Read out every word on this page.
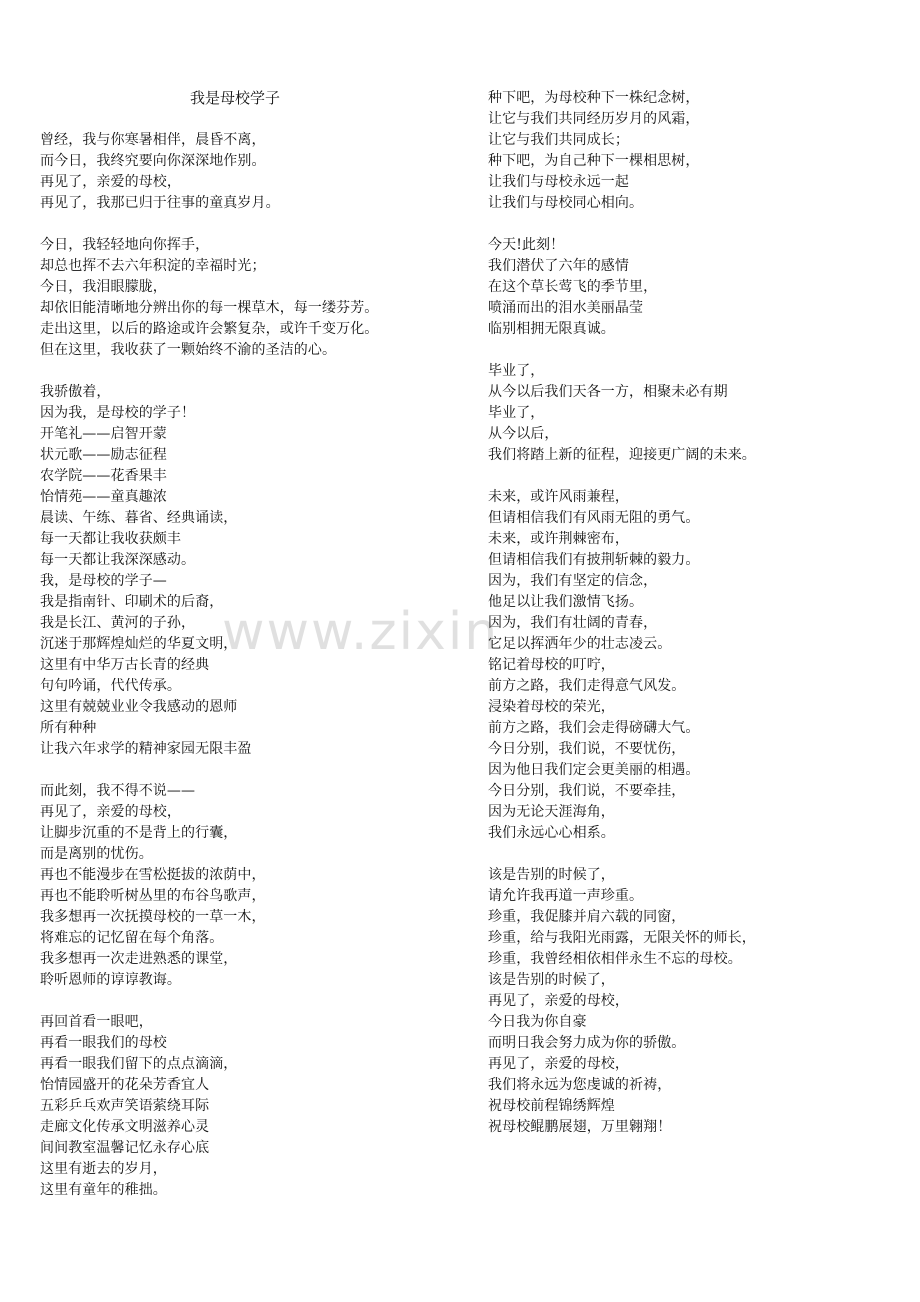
www.zixin
我是母校学子
曾经，我与你寒暑相伴，晨昏不离，
而今日，我终究要向你深深地作别。
再见了，亲爱的母校，
再见了，我那已归于往事的童真岁月。
今日，我轻轻地向你挥手，
却总也挥不去六年积淀的幸福时光；
今日，我泪眼朦胧，
却依旧能清晰地分辨出你的每一棵草木，每一缕芬芳。
走出这里，以后的路途或许会繁复杂，或许千变万化。
但在这里，我收获了一颗始终不渝的圣洁的心。
我骄傲着，
因为我，是母校的学子！
开笔礼——启智开蒙
状元歌——励志征程
农学院——花香果丰
怡情苑——童真趣浓
晨读、午练、暮省、经典诵读，
每一天都让我收获颇丰
每一天都让我深深感动。
我，是母校的学子—
我是指南针、印刷术的后裔，
我是长江、黄河的子孙，
沉迷于那辉煌灿烂的华夏文明，
这里有中华万古长青的经典
句句吟诵，代代传承。
这里有兢兢业业令我感动的恩师
所有种种
让我六年求学的精神家园无限丰盈
而此刻，我不得不说——
再见了，亲爱的母校，
让脚步沉重的不是背上的行囊，
而是离别的忧伤。
再也不能漫步在雪松挺拔的浓荫中，
再也不能聆听树丛里的布谷鸟歌声，
我多想再一次抚摸母校的一草一木，
将难忘的记忆留在每个角落。
我多想再一次走进熟悉的课堂，
聆听恩师的谆谆教诲。
再回首看一眼吧，
再看一眼我们的母校
再看一眼我们留下的点点滴滴，
怡情园盛开的花朵芳香宜人
五彩乒乓欢声笑语萦绕耳际
走廊文化传承文明滋养心灵
间间教室温馨记忆永存心底
这里有逝去的岁月，
这里有童年的稚拙。
种下吧，为母校种下一株纪念树，
让它与我们共同经历岁月的风霜，
让它与我们共同成长；
种下吧，为自己种下一棵相思树，
让我们与母校永远一起
让我们与母校同心相向。
今天!此刻！
我们潜伏了六年的感情
在这个草长莺飞的季节里，
喷涌而出的泪水美丽晶莹
临别相拥无限真诚。
毕业了，
从今以后我们天各一方，相聚未必有期
毕业了，
从今以后，
我们将踏上新的征程，迎接更广阔的未来。
未来，或许风雨兼程，
但请相信我们有风雨无阻的勇气。
未来，或许荆棘密布，
但请相信我们有披荆斩棘的毅力。
因为，我们有坚定的信念，
他足以让我们激情飞扬。
因为，我们有壮阔的青春，
它足以挥洒年少的壮志凌云。
铭记着母校的叮咛，
前方之路，我们走得意气风发。
浸染着母校的荣光，
前方之路，我们会走得磅礴大气。
今日分别，我们说，不要忧伤，
因为他日我们定会更美丽的相遇。
今日分别，我们说，不要牵挂，
因为无论天涯海角，
我们永远心心相系。
该是告别的时候了，
请允许我再道一声珍重。
珍重，我促膝并肩六载的同窗，
珍重，给与我阳光雨露，无限关怀的师长，
珍重，我曾经相依相伴永生不忘的母校。
该是告别的时候了，
再见了，亲爱的母校，
今日我为你自豪
而明日我会努力成为你的骄傲。
再见了，亲爱的母校，
我们将永远为您虔诚的祈祷，
祝母校前程锦绣辉煌
祝母校鲲鹏展翅，万里翱翔！
